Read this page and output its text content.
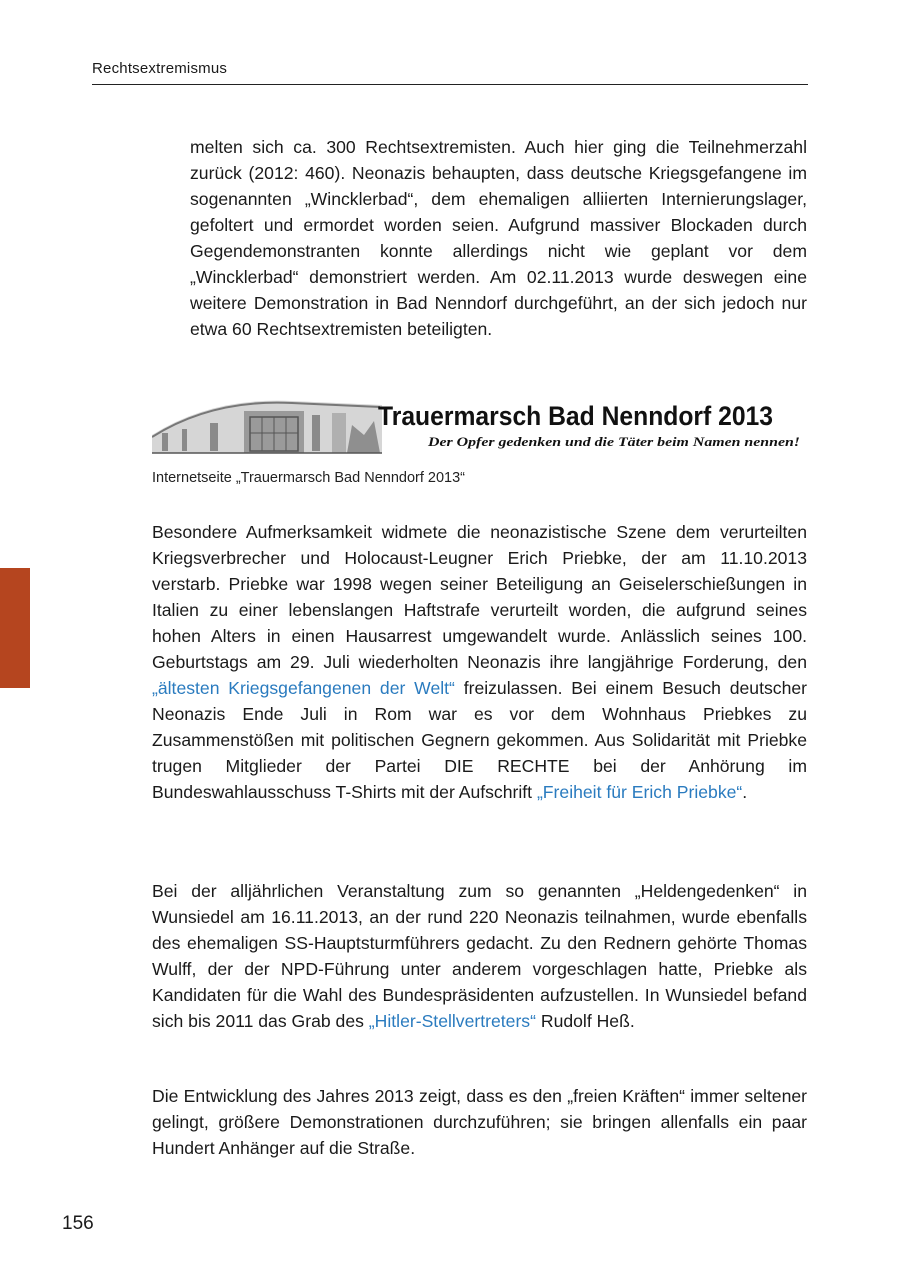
Rechtsextremismus

melten sich ca. 300 Rechtsextremisten. Auch hier ging die Teilnehmerzahl zurück (2012: 460). Neonazis behaupten, dass deutsche Kriegsgefangene im sogenannten „Wincklerbad“, dem ehemaligen alliierten Internierungslager, gefoltert und ermordet worden seien. Aufgrund massiver Blockaden durch Gegendemonstranten konnte allerdings nicht wie geplant vor dem „Wincklerbad“ demonstriert werden. Am 02.11.2013 wurde deswegen eine weitere Demonstration in Bad Nenndorf durchgeführt, an der sich jedoch nur etwa 60 Rechtsextremisten beteiligten.

Trauermarsch Bad Nenndorf 2013
Der Opfer gedenken und die Täter beim Namen nennen!
Internetseite „Trauermarsch Bad Nenndorf 2013“

Besondere Aufmerksamkeit widmete die neonazistische Szene dem verurteilten Kriegsverbrecher und Holocaust-Leugner Erich Priebke, der am 11.10.2013 verstarb. Priebke war 1998 wegen seiner Beteiligung an Geiselerschießungen in Italien zu einer lebenslangen Haftstrafe verurteilt worden, die aufgrund seines hohen Alters in einen Hausarrest umgewandelt wurde. Anlässlich seines 100. Geburtstags am 29. Juli wiederholten Neonazis ihre langjährige Forderung, den „ältesten Kriegsgefangenen der Welt“ freizulassen. Bei einem Besuch deutscher Neonazis Ende Juli in Rom war es vor dem Wohnhaus Priebkes zu Zusammenstößen mit politischen Gegnern gekommen. Aus Solidarität mit Priebke trugen Mitglieder der Partei DIE RECHTE bei der Anhörung im Bundeswahlausschuss T-Shirts mit der Aufschrift „Freiheit für Erich Priebke“.

Bei der alljährlichen Veranstaltung zum so genannten „Heldengedenken“ in Wunsiedel am 16.11.2013, an der rund 220 Neonazis teilnahmen, wurde ebenfalls des ehemaligen SS-Hauptsturmführers gedacht. Zu den Rednern gehörte Thomas Wulff, der der NPD-Führung unter anderem vorgeschlagen hatte, Priebke als Kandidaten für die Wahl des Bundespräsidenten aufzustellen. In Wunsiedel befand sich bis 2011 das Grab des „Hitler-Stellvertreters“ Rudolf Heß.

Die Entwicklung des Jahres 2013 zeigt, dass es den „freien Kräften“ immer seltener gelingt, größere Demonstrationen durchzuführen; sie bringen allenfalls ein paar Hundert Anhänger auf die Straße.

156
